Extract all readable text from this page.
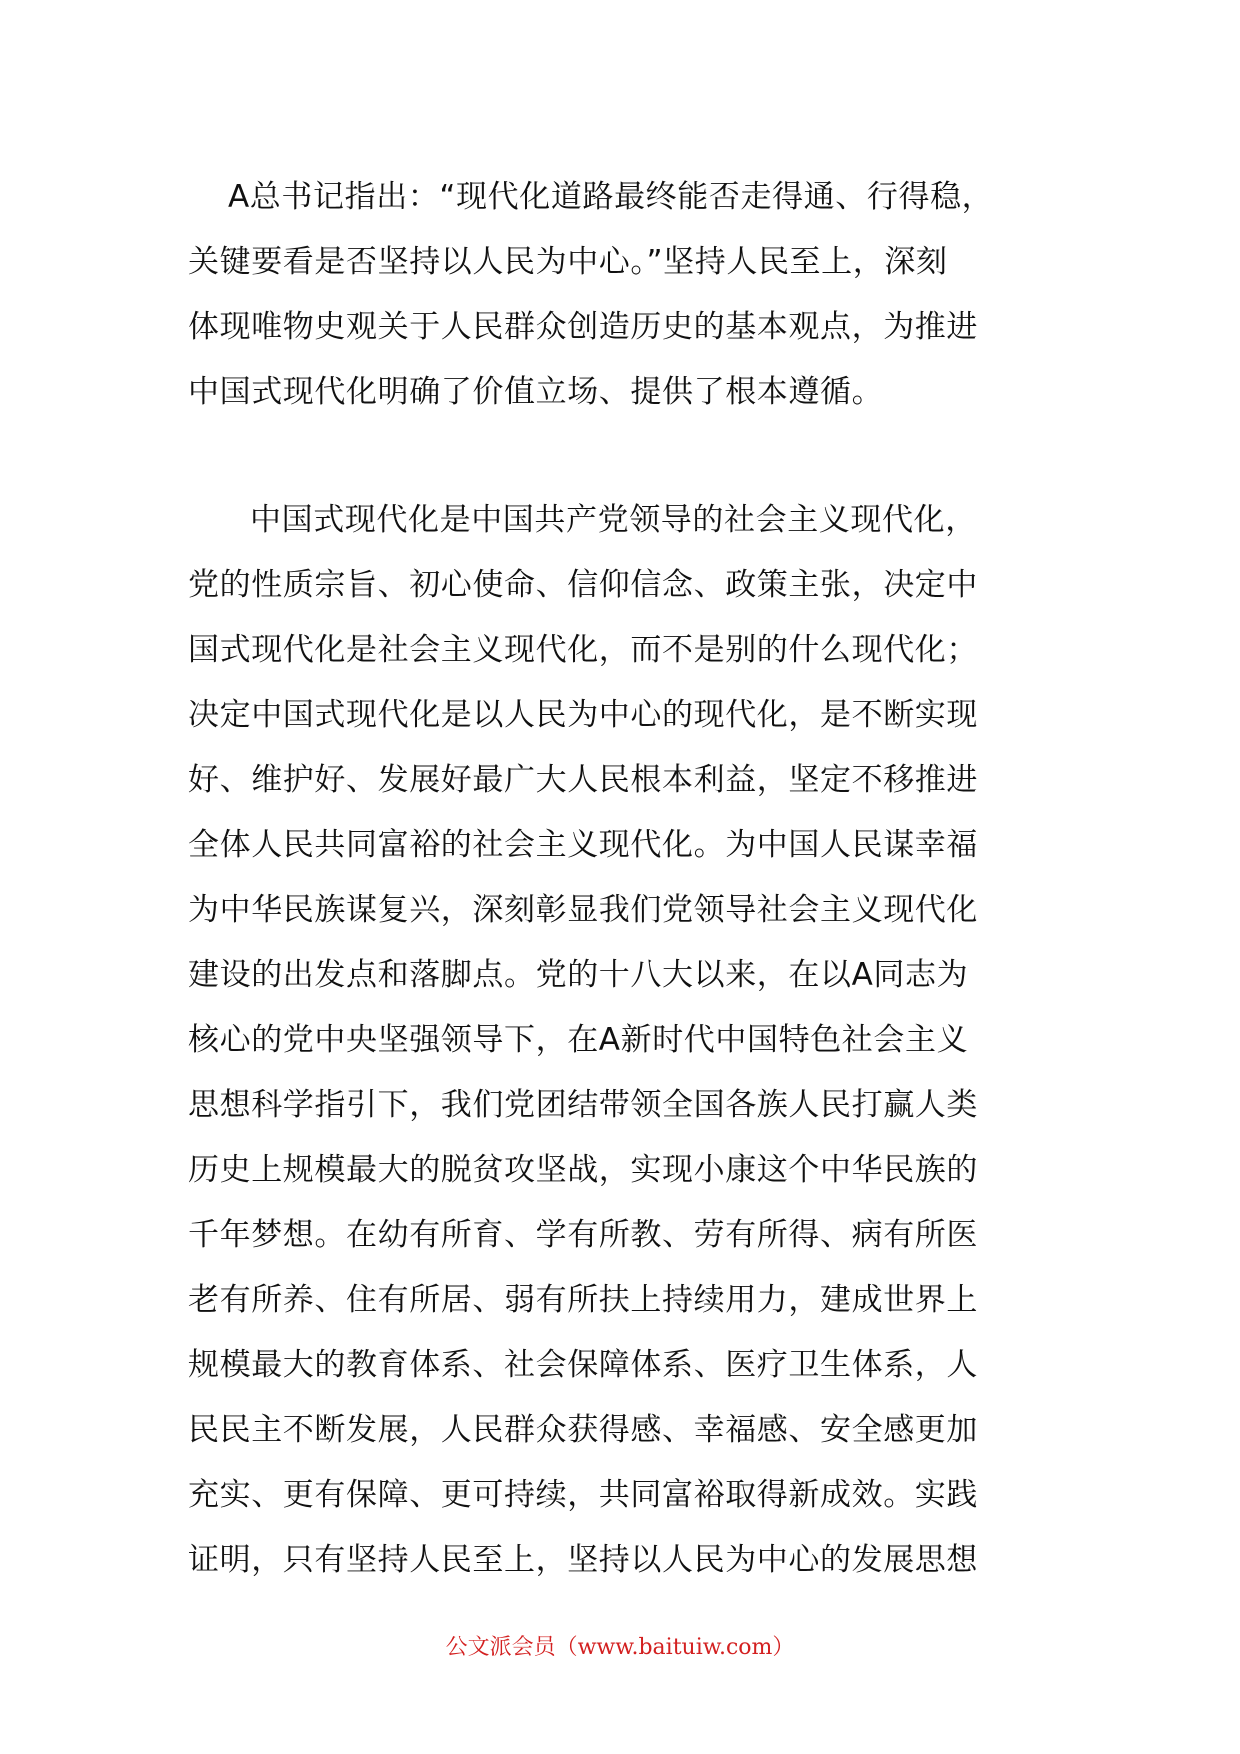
A总书记指出：“现代化道路最终能否走得通、行得稳，
关键要看是否坚持以人民为中心。”坚持人民至上，深刻
体现唯物史观关于人民群众创造历史的基本观点，为推进
中国式现代化明确了价值立场、提供了根本遵循。
中国式现代化是中国共产党领导的社会主义现代化，
党的性质宗旨、初心使命、信仰信念、政策主张，决定中
国式现代化是社会主义现代化，而不是别的什么现代化；
决定中国式现代化是以人民为中心的现代化，是不断实现
好、维护好、发展好最广大人民根本利益，坚定不移推进
全体人民共同富裕的社会主义现代化。为中国人民谋幸福
为中华民族谋复兴，深刻彰显我们党领导社会主义现代化
建设的出发点和落脚点。党的十八大以来，在以A同志为
核心的党中央坚强领导下，在A新时代中国特色社会主义
思想科学指引下，我们党团结带领全国各族人民打赢人类
历史上规模最大的脱贫攻坚战，实现小康这个中华民族的
千年梦想。在幼有所育、学有所教、劳有所得、病有所医
老有所养、住有所居、弱有所扶上持续用力，建成世界上
规模最大的教育体系、社会保障体系、医疗卫生体系，人
民民主不断发展，人民群众获得感、幸福感、安全感更加
充实、更有保障、更可持续，共同富裕取得新成效。实践
证明，只有坚持人民至上，坚持以人民为中心的发展思想
公文派会员（www.baituiw.com）
